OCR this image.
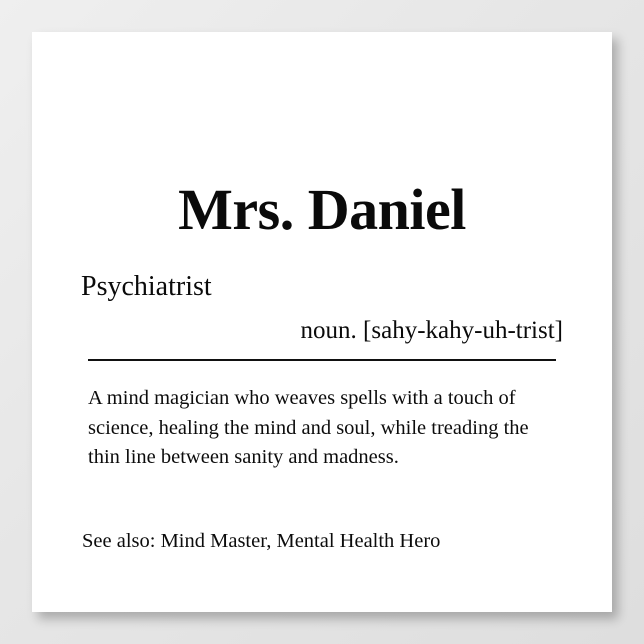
Mrs. Daniel
Psychiatrist
noun. [sahy-kahy-uh-trist]
A mind magician who weaves spells with a touch of science, healing the mind and soul, while treading the thin line between sanity and madness.
See also: Mind Master, Mental Health Hero
